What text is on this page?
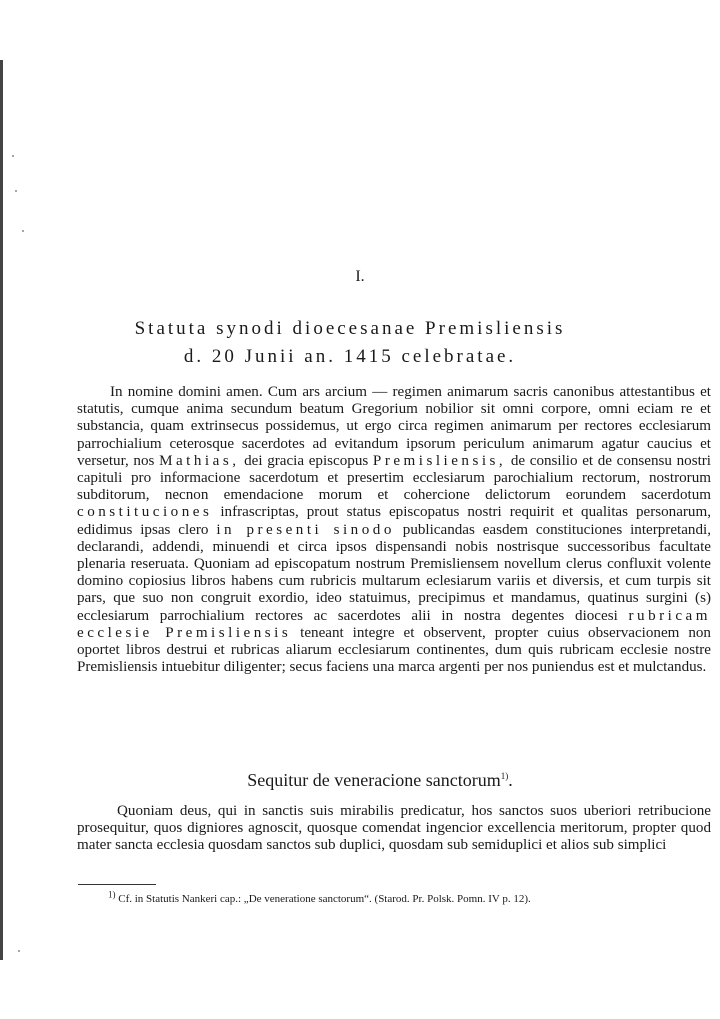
I.
Statuta synodi dioecesanae Premisliensis
d. 20 Junii an. 1415 celebratae.
In nomine domini amen. Cum ars arcium — regimen animarum sacris canonibus attestantibus et statutis, cumque anima secundum beatum Gregorium nobilior sit omni corpore, omni eciam re et substancia, quam extrinsecus possidemus, ut ergo circa regimen animarum per rectores ecclesiarum parrochialium ceterosque sacerdotes ad evitandum ipsorum periculum animarum agatur caucius et versetur, nos Mathias, dei gracia episcopus Premisliensis, de consilio et de consensu nostri capituli pro informacione sacerdotum et presertim ecclesiarum parochialium rectorum, nostrorum subditorum, necnon emendacione morum et cohercione delictorum eorundem sacerdotum constituciones infrascriptas, prout status episcopatus nostri requirit et qualitas personarum, edidimus ipsas clero in presenti sinodo publicandas easdem constituciones interpretandi, declarandi, addendi, minuendi et circa ipsos dispensandi nobis nostrisque successoribus facultate plenaria reseruata. Quoniam ad episcopatum nostrum Premisliensem novellum clerus confluxit volente domino copiosius libros habens cum rubricis multarum eclesiarum variis et diversis, et cum turpis sit pars, que suo non congruit exordio, ideo statuimus, precipimus et mandamus, quatinus surgini (s) ecclesiarum parrochialium rectores ac sacerdotes alii in nostra degentes diocesi rubricam ecclesie Premisliensis teneant integre et observent, propter cuius observacionem non oportet libros destrui et rubricas aliarum ecclesiarum continentes, dum quis rubricam ecclesie nostre Premisliensis intuebitur diligenter; secus faciens una marca argenti per nos puniendus est et mulctandus.
Sequitur de veneracione sanctorum$^{1)}$.
Quoniam deus, qui in sanctis suis mirabilis predicatur, hos sanctos suos uberiori retribucione prosequitur, quos digniores agnoscit, quosque comendat ingencior excellencia meritorum, propter quod mater sancta ecclesia quosdam sanctos sub duplici, quosdam sub semiduplici et alios sub simplici
$^{1)}$ Cf. in Statutis Nankeri cap.: „De veneratione sanctorum“. (Starod. Pr. Polsk. Pomn. IV p. 12).
